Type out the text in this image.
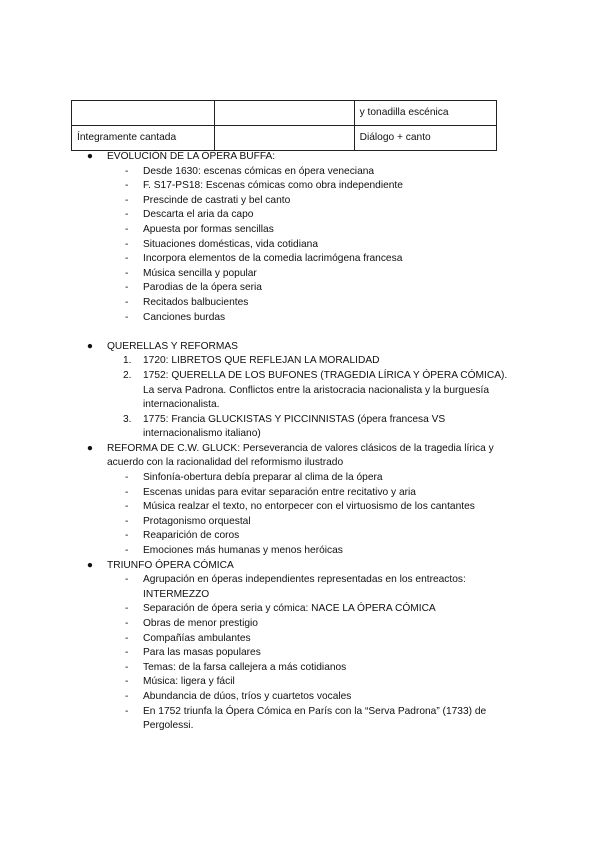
		y tonadilla escénica
Íntegramente cantada		Diálogo + canto
● EVOLUCIÓN DE LA ÓPERA BUFFA:
- Desde 1630: escenas cómicas en ópera veneciana
- F. S17-PS18: Escenas cómicas como obra independiente
- Prescinde de castrati y bel canto
- Descarta el aria da capo
- Apuesta por formas sencillas
- Situaciones domésticas, vida cotidiana
- Incorpora elementos de la comedia lacrimógena francesa
- Música sencilla y popular
- Parodias de la ópera seria
- Recitados balbucientes
- Canciones burdas
● QUERELLAS Y REFORMAS
1. 1720: LIBRETOS QUE REFLEJAN LA MORALIDAD
2. 1752: QUERELLA DE LOS BUFONES (TRAGEDIA LÍRICA Y ÓPERA CÓMICA). La serva Padrona. Conflictos entre la aristocracia nacionalista y la burguesía internacionalista.
3. 1775: Francia GLUCKISTAS Y PICCINNISTAS (ópera francesa VS internacionalismo italiano)
● REFORMA DE C.W. GLUCK: Perseverancia de valores clásicos de la tragedia lírica y acuerdo con la racionalidad del reformismo ilustrado
- Sinfonía-obertura debía preparar al clima de la ópera
- Escenas unidas para evitar separación entre recitativo y aria
- Música realzar el texto, no entorpecer con el virtuosismo de los cantantes
- Protagonismo orquestal
- Reaparición de coros
- Emociones más humanas y menos heróicas
● TRIUNFO ÓPERA CÓMICA
- Agrupación en óperas independientes representadas en los entreactos: INTERMEZZO
- Separación de ópera seria y cómica: NACE LA ÓPERA CÓMICA
- Obras de menor prestigio
- Compañías ambulantes
- Para las masas populares
- Temas: de la farsa callejera a más cotidianos
- Música: ligera y fácil
- Abundancia de dúos, tríos y cuartetos vocales
- En 1752 triunfa la Ópera Cómica en París con la “Serva Padrona” (1733) de Pergolessi.
